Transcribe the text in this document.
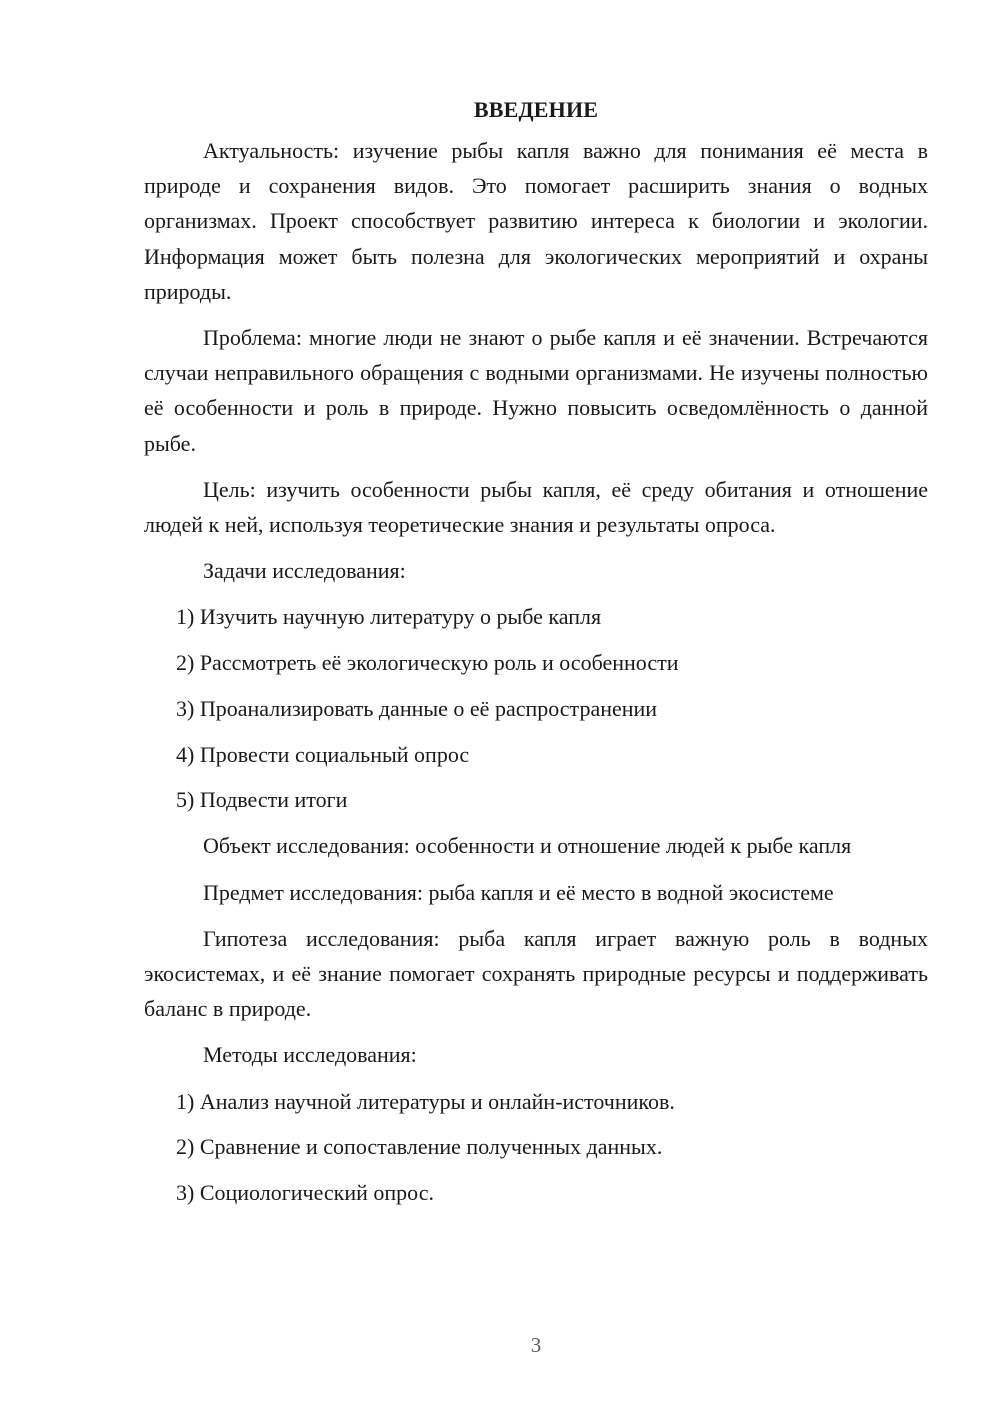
ВВЕДЕНИЕ

Актуальность: изучение рыбы капля важно для понимания её места в природе и сохранения видов. Это помогает расширить знания о водных организмах. Проект способствует развитию интереса к биологии и экологии. Информация может быть полезна для экологических мероприятий и охраны природы.

Проблема: многие люди не знают о рыбе капля и её значении. Встречаются случаи неправильного обращения с водными организмами. Не изучены полностью её особенности и роль в природе. Нужно повысить осведомлённость о данной рыбе.

Цель: изучить особенности рыбы капля, её среду обитания и отношение людей к ней, используя теоретические знания и результаты опроса.

Задачи исследования:

1) Изучить научную литературу о рыбе капля
2) Рассмотреть её экологическую роль и особенности
3) Проанализировать данные о её распространении
4) Провести социальный опрос
5) Подвести итоги

Объект исследования: особенности и отношение людей к рыбе капля

Предмет исследования: рыба капля и её место в водной экосистеме

Гипотеза исследования: рыба капля играет важную роль в водных экосистемах, и её знание помогает сохранять природные ресурсы и поддерживать баланс в природе.

Методы исследования:

1) Анализ научной литературы и онлайн-источников.
2) Сравнение и сопоставление полученных данных.
3) Социологический опрос.
3
